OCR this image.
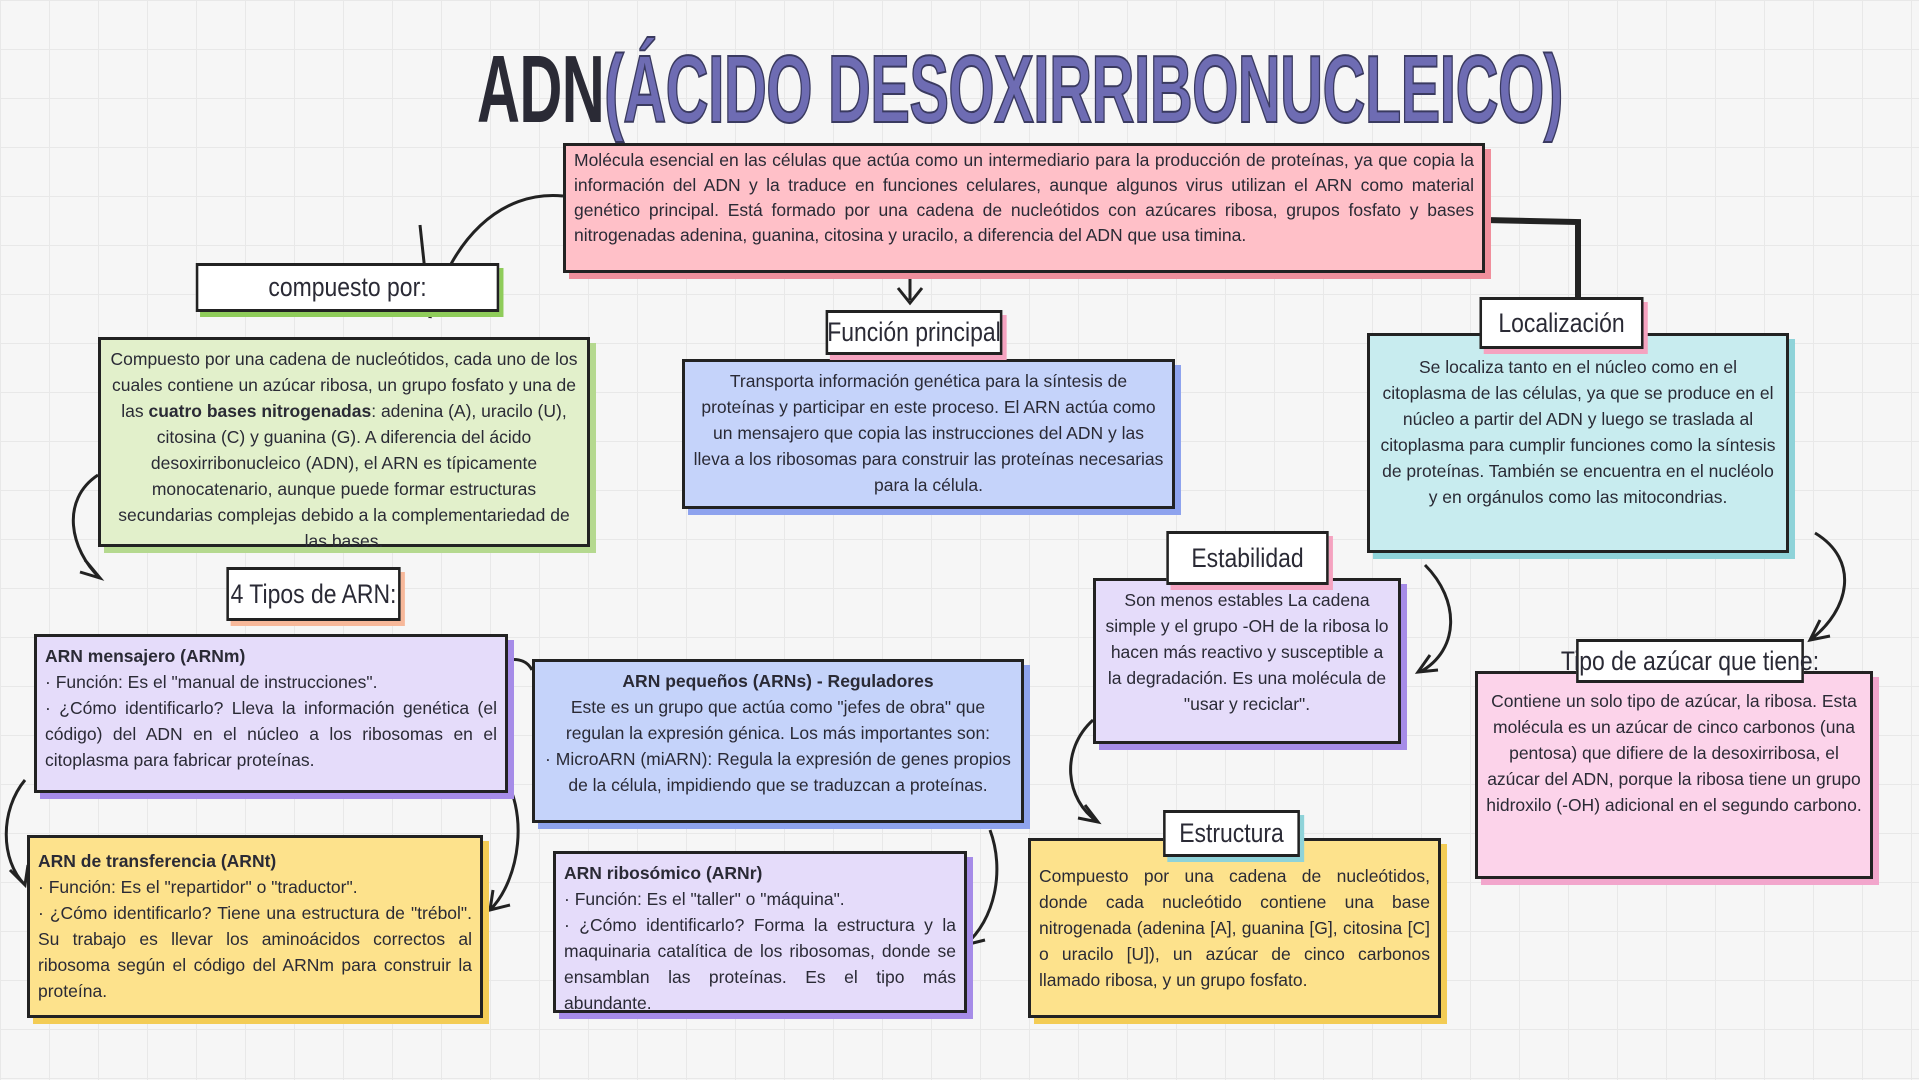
ADN(ÁCIDO DESOXIRRIBONUCLEICO)
Molécula esencial en las células que actúa como un intermediario para la producción de proteínas, ya que copia la información del ADN y la traduce en funciones celulares, aunque algunos virus utilizan el ARN como material genético principal. Está formado por una cadena de nucleótidos con azúcares ribosa, grupos fosfato y bases nitrogenadas adenina, guanina, citosina y uracilo, a diferencia del ADN que usa timina.
compuesto por:
Compuesto por una cadena de nucleótidos, cada uno de los cuales contiene un azúcar ribosa, un grupo fosfato y una de las cuatro bases nitrogenadas: adenina (A), uracilo (U), citosina (C) y guanina (G). A diferencia del ácido desoxirribonucleico (ADN), el ARN es típicamente monocatenario, aunque puede formar estructuras secundarias complejas debido a la complementariedad de las bases.
Función principal
Transporta información genética para la síntesis de proteínas y participar en este proceso. El ARN actúa como un mensajero que copia las instrucciones del ADN y las lleva a los ribosomas para construir las proteínas necesarias para la célula.
Localización
Se localiza tanto en el núcleo como en el citoplasma de las células, ya que se produce en el núcleo a partir del ADN y luego se traslada al citoplasma para cumplir funciones como la síntesis de proteínas. También se encuentra en el nucléolo y en orgánulos como las mitocondrias.
4 Tipos de ARN:

ARN mensajero (ARNm)

· Función: Es el "manual de instrucciones".

· ¿Cómo identificarlo? Lleva la información genética (el código) del ADN en el núcleo a los ribosomas en el citoplasma para fabricar proteínas.

ARN pequeños (ARNs) - Reguladores

Este es un grupo que actúa como "jefes de obra" que regulan la expresión génica. Los más importantes son:

· MicroARN (miARN): Regula la expresión de genes propios de la célula, impidiendo que se traduzcan a proteínas.

ARN de transferencia (ARNt)

· Función: Es el "repartidor" o "traductor".

· ¿Cómo identificarlo? Tiene una estructura de "trébol". Su trabajo es llevar los aminoácidos correctos al ribosoma según el código del ARNm para construir la proteína.

ARN ribosómico (ARNr)

· Función: Es el "taller" o "máquina".

· ¿Cómo identificarlo? Forma la estructura y la maquinaria catalítica de los ribosomas, donde se ensamblan las proteínas. Es el tipo más abundante.

Estabilidad
Son menos estables La cadena simple y el grupo -OH de la ribosa lo hacen más reactivo y susceptible a la degradación. Es una molécula de "usar y reciclar".
Tipo de azúcar que tiene:
Contiene un solo tipo de azúcar, la ribosa. Esta molécula es un azúcar de cinco carbonos (una pentosa) que difiere de la desoxirribosa, el azúcar del ADN, porque la ribosa tiene un grupo hidroxilo (-OH) adicional en el segundo carbono.
Estructura
Compuesto por una cadena de nucleótidos, donde cada nucleótido contiene una base nitrogenada (adenina [A], guanina [G], citosina [C] o uracilo [U]), un azúcar de cinco carbonos llamado ribosa, y un grupo fosfato.
